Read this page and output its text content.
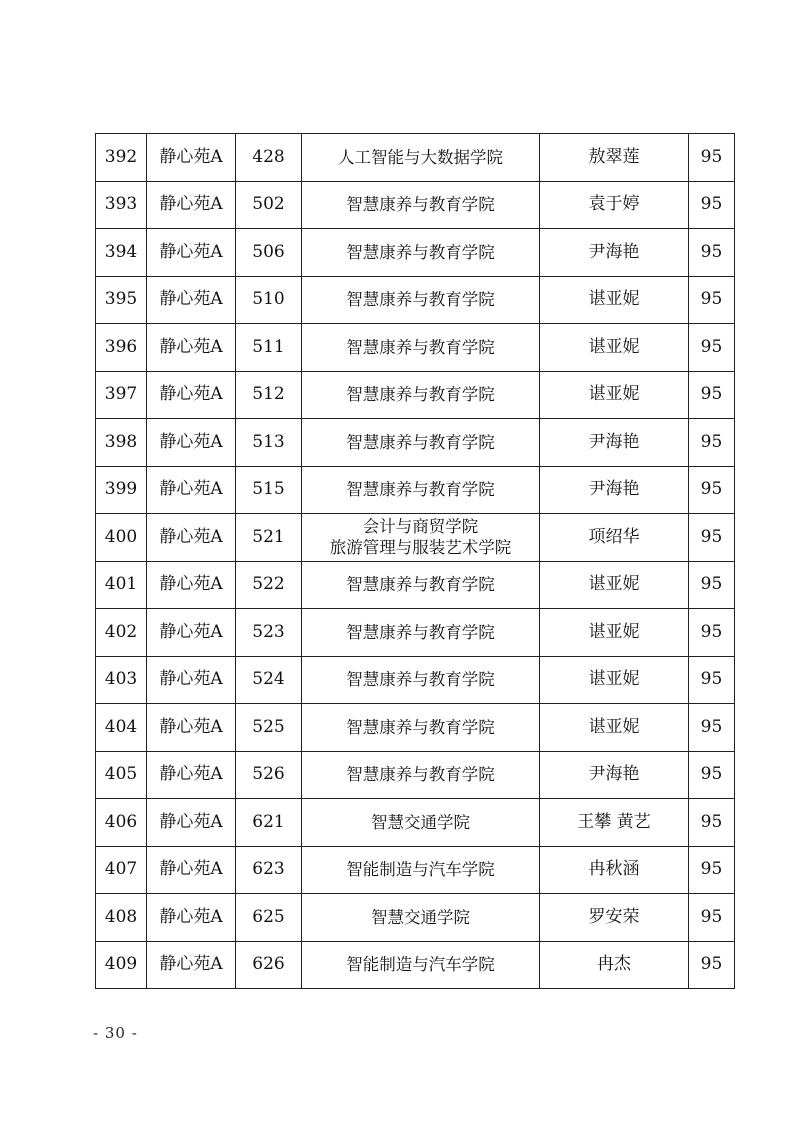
392	静心苑A	428	人工智能与大数据学院	敖翠莲	95
393	静心苑A	502	智慧康养与教育学院	袁于婷	95
394	静心苑A	506	智慧康养与教育学院	尹海艳	95
395	静心苑A	510	智慧康养与教育学院	谌亚妮	95
396	静心苑A	511	智慧康养与教育学院	谌亚妮	95
397	静心苑A	512	智慧康养与教育学院	谌亚妮	95
398	静心苑A	513	智慧康养与教育学院	尹海艳	95
399	静心苑A	515	智慧康养与教育学院	尹海艳	95
400	静心苑A	521	会计与商贸学院
旅游管理与服装艺术学院	项绍华	95
401	静心苑A	522	智慧康养与教育学院	谌亚妮	95
402	静心苑A	523	智慧康养与教育学院	谌亚妮	95
403	静心苑A	524	智慧康养与教育学院	谌亚妮	95
404	静心苑A	525	智慧康养与教育学院	谌亚妮	95
405	静心苑A	526	智慧康养与教育学院	尹海艳	95
406	静心苑A	621	智慧交通学院	王攀 黄艺	95
407	静心苑A	623	智能制造与汽车学院	冉秋涵	95
408	静心苑A	625	智慧交通学院	罗安荣	95
409	静心苑A	626	智能制造与汽车学院	冉杰	95
- 30 -
